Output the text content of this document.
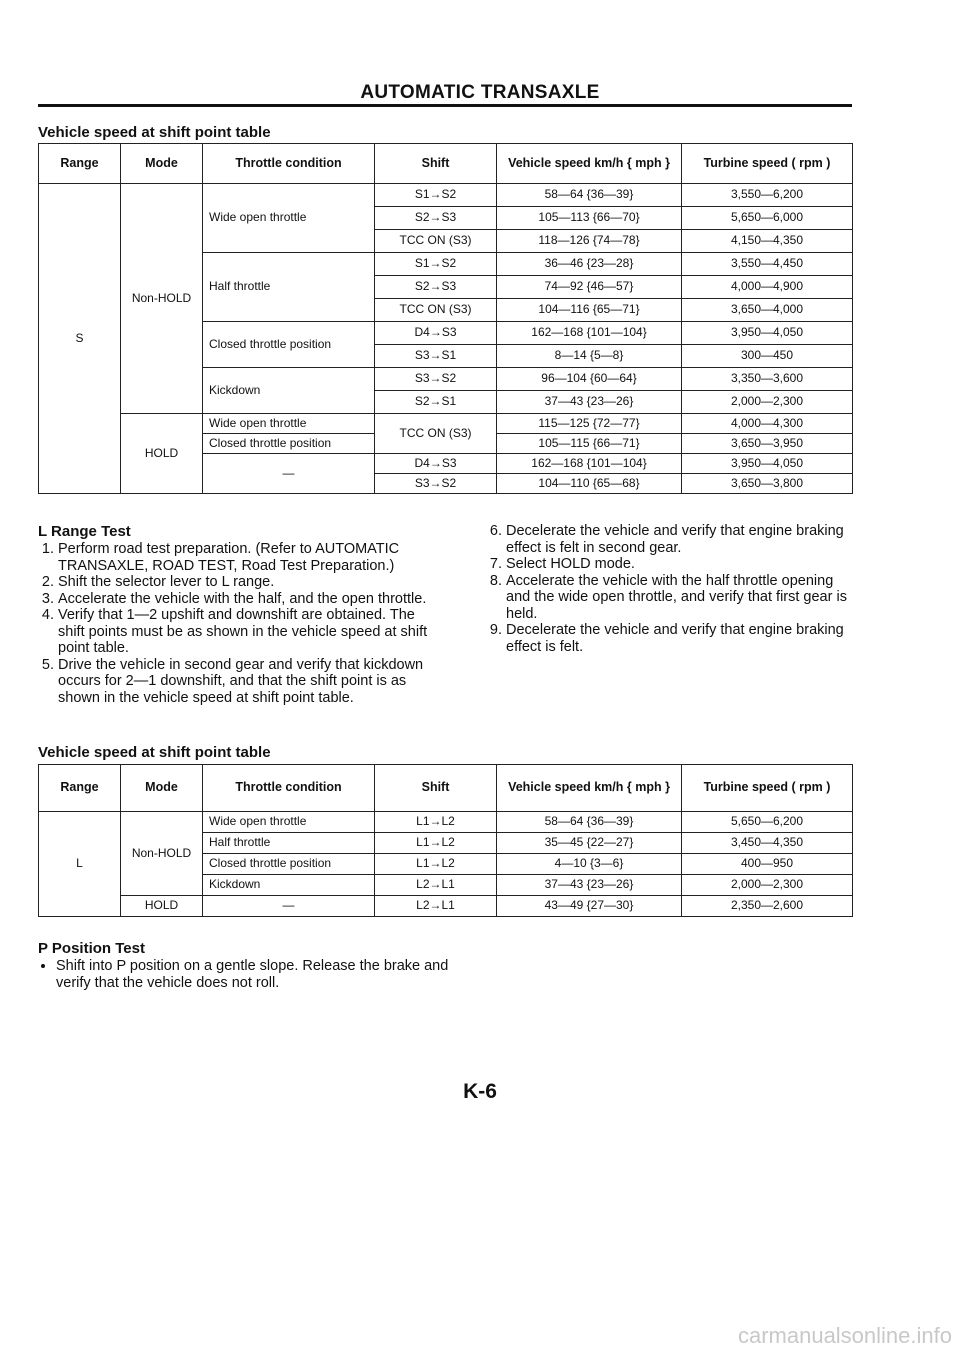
AUTOMATIC TRANSAXLE
Vehicle speed at shift point table
Range	Mode	Throttle condition	Shift	Vehicle speed km/h { mph }	Turbine speed ( rpm )
S	Non-HOLD	Wide open throttle	S1→S2	58—64 {36—39}	3,550—6,200
			S2→S3	105—113 {66—70}	5,650—6,000
			TCC ON (S3)	118—126 {74—78}	4,150—4,350
		Half throttle	S1→S2	36—46 {23—28}	3,550—4,450
			S2→S3	74—92 {46—57}	4,000—4,900
			TCC ON (S3)	104—116 {65—71}	3,650—4,000
		Closed throttle position	D4→S3	162—168 {101—104}	3,950—4,050
			S3→S1	8—14 {5—8}	300—450
		Kickdown	S3→S2	96—104 {60—64}	3,350—3,600
			S2→S1	37—43 {23—26}	2,000—2,300
	HOLD	Wide open throttle	TCC ON (S3)	115—125 {72—77}	4,000—4,300
		Closed throttle position		105—115 {66—71}	3,650—3,950
		—	D4→S3	162—168 {101—104}	3,950—4,050
			S3→S2	104—110 {65—68}	3,650—3,800
L Range Test
1. Perform road test preparation. (Refer to AUTOMATIC TRANSAXLE, ROAD TEST, Road Test Preparation.)
2. Shift the selector lever to L range.
3. Accelerate the vehicle with the half, and the open throttle.
4. Verify that 1—2 upshift and downshift are obtained. The shift points must be as shown in the vehicle speed at shift point table.
5. Drive the vehicle in second gear and verify that kickdown occurs for 2—1 downshift, and that the shift point is as shown in the vehicle speed at shift point table.
6. Decelerate the vehicle and verify that engine braking effect is felt in second gear.
7. Select HOLD mode.
8. Accelerate the vehicle with the half throttle opening and the wide open throttle, and verify that first gear is held.
9. Decelerate the vehicle and verify that engine braking effect is felt.
Vehicle speed at shift point table
Range	Mode	Throttle condition	Shift	Vehicle speed km/h { mph }	Turbine speed ( rpm )
L	Non-HOLD	Wide open throttle	L1→L2	58—64 {36—39}	5,650—6,200
		Half throttle	L1→L2	35—45 {22—27}	3,450—4,350
		Closed throttle position	L1→L2	4—10 {3—6}	400—950
		Kickdown	L2→L1	37—43 {23—26}	2,000—2,300
	HOLD	—	L2→L1	43—49 {27—30}	2,350—2,600
P Position Test
• Shift into P position on a gentle slope. Release the brake and verify that the vehicle does not roll.
K-6
carmanualsonline.info
